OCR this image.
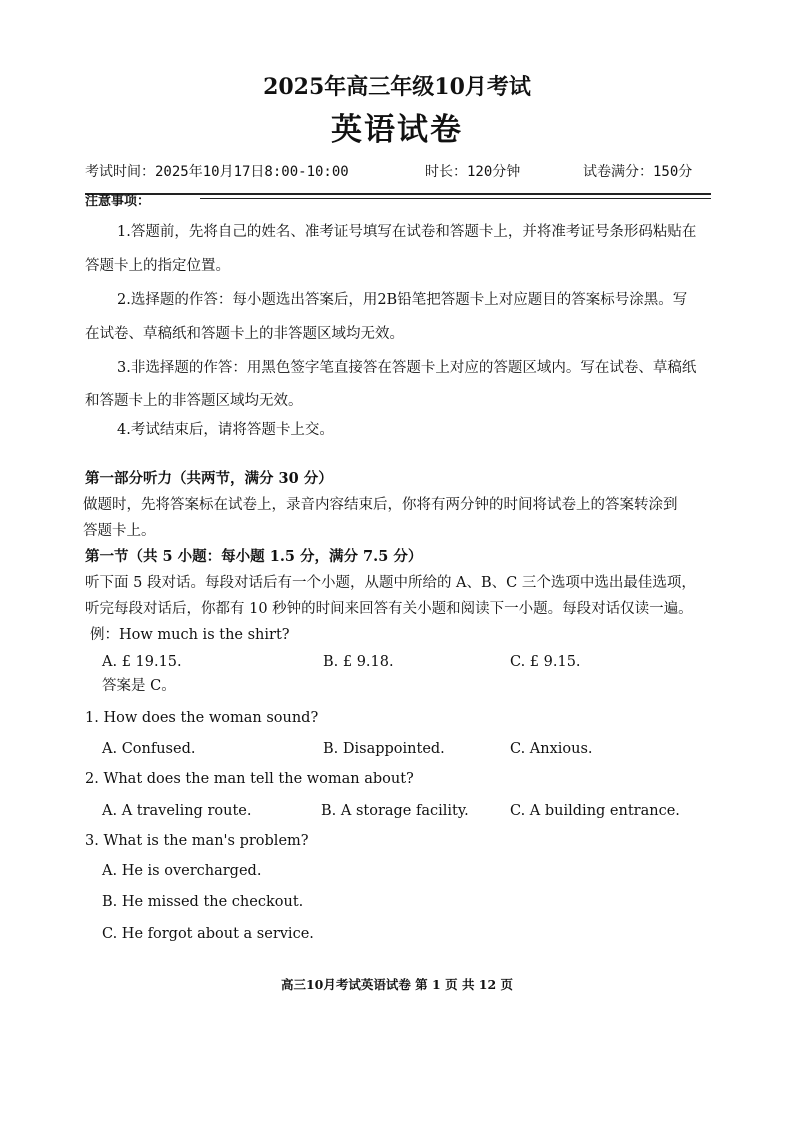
2025年高三年级10月考试
英语试卷
考试时间：2025年10月17日8:00-10:00	时长：120分钟	试卷满分：150分
注意事项：
1.答题前，先将自己的姓名、准考证号填写在试卷和答题卡上，并将准考证号条形码粘贴在
答题卡上的指定位置。
2.选择题的作答：每小题选出答案后，用2B铅笔把答题卡上对应题目的答案标号涂黑。写
在试卷、草稿纸和答题卡上的非答题区域均无效。
3.非选择题的作答：用黑色签字笔直接答在答题卡上对应的答题区域内。写在试卷、草稿纸
和答题卡上的非答题区域均无效。
4.考试结束后，请将答题卡上交。
第一部分听力（共两节，满分 30 分）
做题时，先将答案标在试卷上，录音内容结束后，你将有两分钟的时间将试卷上的答案转涂到
答题卡上。
第一节（共 5 小题：每小题 1.5 分，满分 7.5 分）
听下面 5 段对话。每段对话后有一个小题，从题中所给的 A、B、C 三个选项中选出最佳选项，
听完每段对话后，你都有 10 秒钟的时间来回答有关小题和阅读下一小题。每段对话仅读一遍。
例：How much is the shirt?
A. £ 19.15.	B. £ 9.18.	C. £ 9.15.
答案是 C。
1. How does the woman sound?
A. Confused.	B. Disappointed.	C. Anxious.
2. What does the man tell the woman about?
A. A traveling route.	B. A storage facility.	C. A building entrance.
3. What is the man's problem?
A. He is overcharged.
B. He missed the checkout.
C. He forgot about a service.
高三10月考试英语试卷 第 1 页 共 12 页
